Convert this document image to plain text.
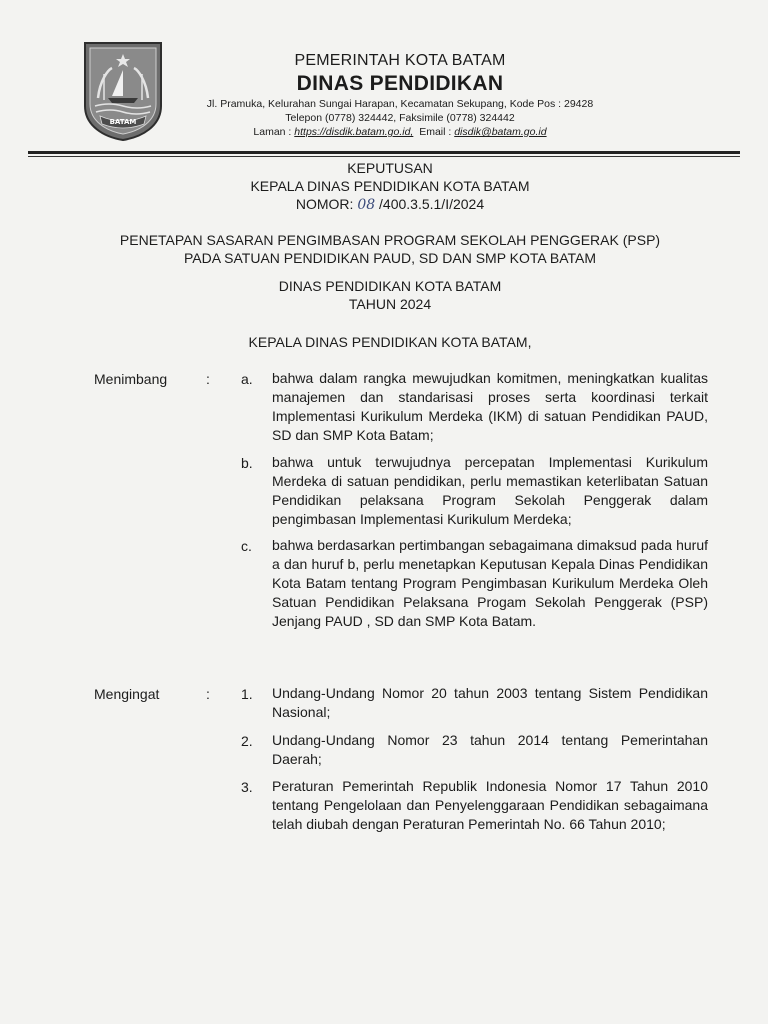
BATAM
PEMERINTAH KOTA BATAM
DINAS PENDIDIKAN
Jl. Pramuka, Kelurahan Sungai Harapan, Kecamatan Sekupang, Kode Pos : 29428
Telepon (0778) 324442, Faksimile (0778) 324442
Laman : https://disdik.batam.go.id, Email : disdik@batam.go.id
KEPUTUSAN
KEPALA DINAS PENDIDIKAN KOTA BATAM
NOMOR: 08 /400.3.5.1/I/2024
PENETAPAN SASARAN PENGIMBASAN PROGRAM SEKOLAH PENGGERAK (PSP)
PADA SATUAN PENDIDIKAN PAUD, SD DAN SMP KOTA BATAM
DINAS PENDIDIKAN KOTA BATAM
TAHUN 2024
KEPALA DINAS PENDIDIKAN KOTA BATAM,
Menimbang	: a. bahwa dalam rangka mewujudkan komitmen, meningkatkan kualitas manajemen dan standarisasi proses serta koordinasi terkait Implementasi Kurikulum Merdeka (IKM) di satuan Pendidikan PAUD, SD dan SMP Kota Batam;
b. bahwa untuk terwujudnya percepatan Implementasi Kurikulum Merdeka di satuan pendidikan, perlu memastikan keterlibatan Satuan Pendidikan pelaksana Program Sekolah Penggerak dalam pengimbasan Implementasi Kurikulum Merdeka;
c. bahwa berdasarkan pertimbangan sebagaimana dimaksud pada huruf a dan huruf b, perlu menetapkan Keputusan Kepala Dinas Pendidikan Kota Batam tentang Program Pengimbasan Kurikulum Merdeka Oleh Satuan Pendidikan Pelaksana Progam Sekolah Penggerak (PSP) Jenjang PAUD , SD dan SMP Kota Batam.
Mengingat	: 1. Undang-Undang Nomor 20 tahun 2003 tentang Sistem Pendidikan Nasional;
2. Undang-Undang Nomor 23 tahun 2014 tentang Pemerintahan Daerah;
3. Peraturan Pemerintah Republik Indonesia Nomor 17 Tahun 2010 tentang Pengelolaan dan Penyelenggaraan Pendidikan sebagaimana telah diubah dengan Peraturan Pemerintah No. 66 Tahun 2010;
